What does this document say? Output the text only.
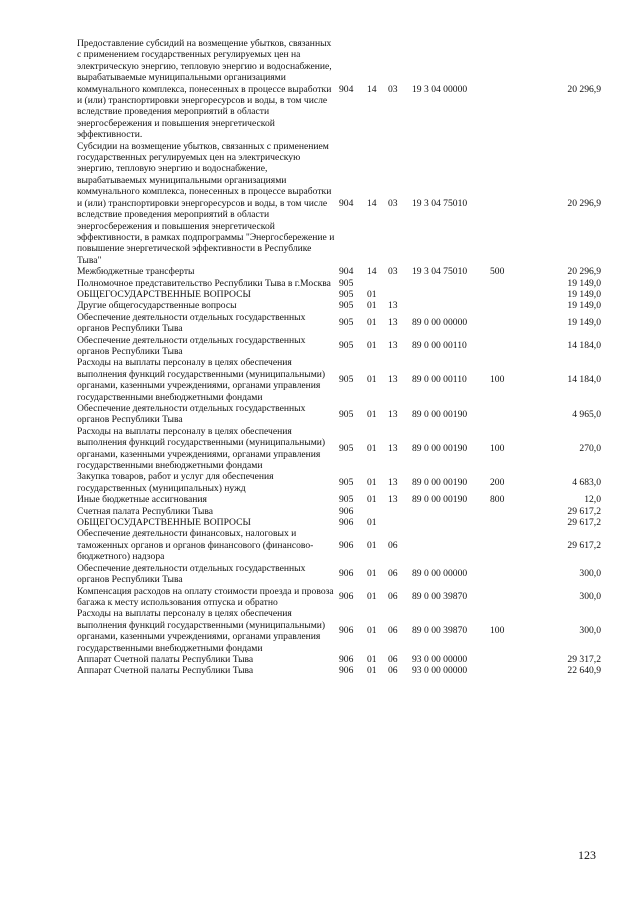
Предоставление субсидий на возмещение убытков, связанных с применением государственных регулируемых цен на электрическую энергию, тепловую энергию и водоснабжение, вырабатываемые муниципальными организациями коммунального комплекса, понесенных в процессе выработки и (или) транспортировки энергоресурсов и воды, в том числе вследствие проведения мероприятий в области энергосбережения и повышения энергетической эффективности.	904	14	03	19 3 04 00000		20 296,9
Субсидии на возмещение убытков, связанных с применением государственных регулируемых цен на электрическую энергию, тепловую энергию и водоснабжение, вырабатываемых муниципальными организациями коммунального комплекса, понесенных в процессе выработки и (или) транспортировки энергоресурсов и воды, в том числе вследствие проведения мероприятий в области энергосбережения и повышения энергетической эффективности, в рамках подпрограммы "Энергосбережение и повышение энергетической эффективности в Республике Тыва"	904	14	03	19 3 04 75010		20 296,9
Межбюджетные трансферты	904	14	03	19 3 04 75010	500	20 296,9
Полномочное представительство Республики Тыва в г.Москва	905					19 149,0
ОБЩЕГОСУДАРСТВЕННЫЕ ВОПРОСЫ	905	01				19 149,0
Другие общегосударственные вопросы	905	01	13			19 149,0
Обеспечение деятельности отдельных государственных органов Республики Тыва	905	01	13	89 0 00 00000		19 149,0
Обеспечение деятельности отдельных государственных органов Республики Тыва	905	01	13	89 0 00 00110		14 184,0
Расходы на выплаты персоналу в целях обеспечения выполнения функций государственными (муниципальными) органами, казенными учреждениями, органами управления государственными внебюджетными фондами	905	01	13	89 0 00 00110	100	14 184,0
Обеспечение деятельности отдельных государственных органов Республики Тыва	905	01	13	89 0 00 00190		4 965,0
Расходы на выплаты персоналу в целях обеспечения выполнения функций государственными (муниципальными) органами, казенными учреждениями, органами управления государственными внебюджетными фондами	905	01	13	89 0 00 00190	100	270,0
Закупка товаров, работ и услуг для обеспечения государственных (муниципальных) нужд	905	01	13	89 0 00 00190	200	4 683,0
Иные бюджетные ассигнования	905	01	13	89 0 00 00190	800	12,0
Счетная палата Республики Тыва	906					29 617,2
ОБЩЕГОСУДАРСТВЕННЫЕ ВОПРОСЫ	906	01				29 617,2
Обеспечение деятельности финансовых, налоговых и таможенных органов и органов финансового (финансово-бюджетного) надзора	906	01	06			29 617,2
Обеспечение деятельности отдельных государственных органов Республики Тыва	906	01	06	89 0 00 00000		300,0
Компенсация расходов на оплату стоимости проезда и провоза багажа к месту использования отпуска и обратно	906	01	06	89 0 00 39870		300,0
Расходы на выплаты персоналу в целях обеспечения выполнения функций государственными (муниципальными) органами, казенными учреждениями, органами управления государственными внебюджетными фондами	906	01	06	89 0 00 39870	100	300,0
Аппарат Счетной палаты Республики Тыва	906	01	06	93 0 00 00000		29 317,2
Аппарат Счетной палаты Республики Тыва	906	01	06	93 0 00 00000		22 640,9
123
